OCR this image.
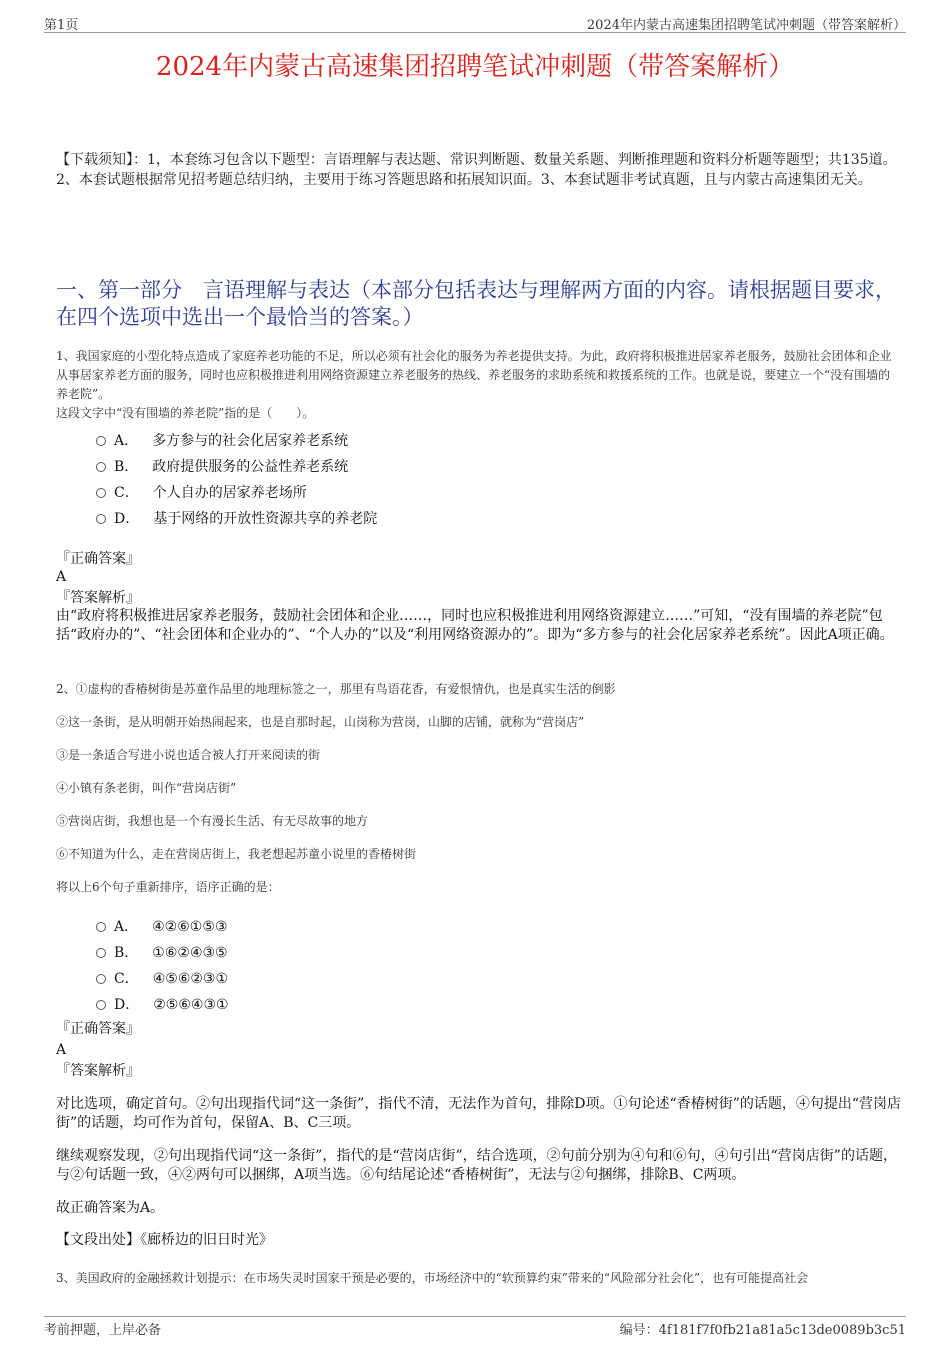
第1页	2024年内蒙古高速集团招聘笔试冲刺题（带答案解析）
2024年内蒙古高速集团招聘笔试冲刺题（带答案解析）
【下载须知】：1，本套练习包含以下题型：言语理解与表达题、常识判断题、数量关系题、判断推理题和资料分析题等题型；共135道。2、本套试题根据常见招考题总结归纳，主要用于练习答题思路和拓展知识面。3、本套试题非考试真题，且与内蒙古高速集团无关。
一、第一部分　言语理解与表达（本部分包括表达与理解两方面的内容。请根据题目要求，在四个选项中选出一个最恰当的答案。）
1、我国家庭的小型化特点造成了家庭养老功能的不足，所以必须有社会化的服务为养老提供支持。为此，政府将积极推进居家养老服务，鼓励社会团体和企业从事居家养老方面的服务，同时也应积极推进利用网络资源建立养老服务的热线、养老服务的求助系统和救援系统的工作。也就是说，要建立一个“没有围墙的养老院”。
这段文字中“没有围墙的养老院”指的是（　　）。
A． 多方参与的社会化居家养老系统
B． 政府提供服务的公益性养老系统
C． 个人自办的居家养老场所
D． 基于网络的开放性资源共享的养老院
『正确答案』
A
『答案解析』
由“政府将积极推进居家养老服务，鼓励社会团体和企业……，同时也应积极推进利用网络资源建立……”可知，“没有围墙的养老院”包括“政府办的”、“社会团体和企业办的”、“个人办的”以及“利用网络资源办的”。即为“多方参与的社会化居家养老系统”。因此A项正确。
2、①虚构的香椿树街是苏童作品里的地理标签之一，那里有鸟语花香，有爱恨情仇，也是真实生活的倒影
②这一条街，是从明朝开始热闹起来，也是自那时起，山岗称为营岗，山脚的店铺，就称为“营岗店”
③是一条适合写进小说也适合被人打开来阅读的街
④小镇有条老街，叫作“营岗店街”
⑤营岗店街，我想也是一个有漫长生活、有无尽故事的地方
⑥不知道为什么，走在营岗店街上，我老想起苏童小说里的香椿树街
将以上6个句子重新排序，语序正确的是：
A． ④②⑥①⑤③
B． ①⑥②④③⑤
C． ④⑤⑥②③①
D． ②⑤⑥④③①
『正确答案』
A
『答案解析』
对比选项，确定首句。②句出现指代词“这一条街”，指代不清，无法作为首句，排除D项。①句论述“香椿树街”的话题，④句提出“营岗店街”的话题，均可作为首句，保留A、B、C三项。
继续观察发现，②句出现指代词“这一条街”，指代的是“营岗店街”，结合选项，②句前分别为④句和⑥句，④句引出“营岗店街”的话题，与②句话题一致，④②两句可以捆绑，A项当选。⑥句结尾论述“香椿树街”，无法与②句捆绑，排除B、C两项。
故正确答案为A。
【文段出处】《廊桥边的旧日时光》
3、美国政府的金融拯救计划提示：在市场失灵时国家干预是必要的，市场经济中的“软预算约束”带来的“风险部分社会化”，也有可能提高社会
考前押题，上岸必备	编号：4f181f7f0fb21a81a5c13de0089b3c51
